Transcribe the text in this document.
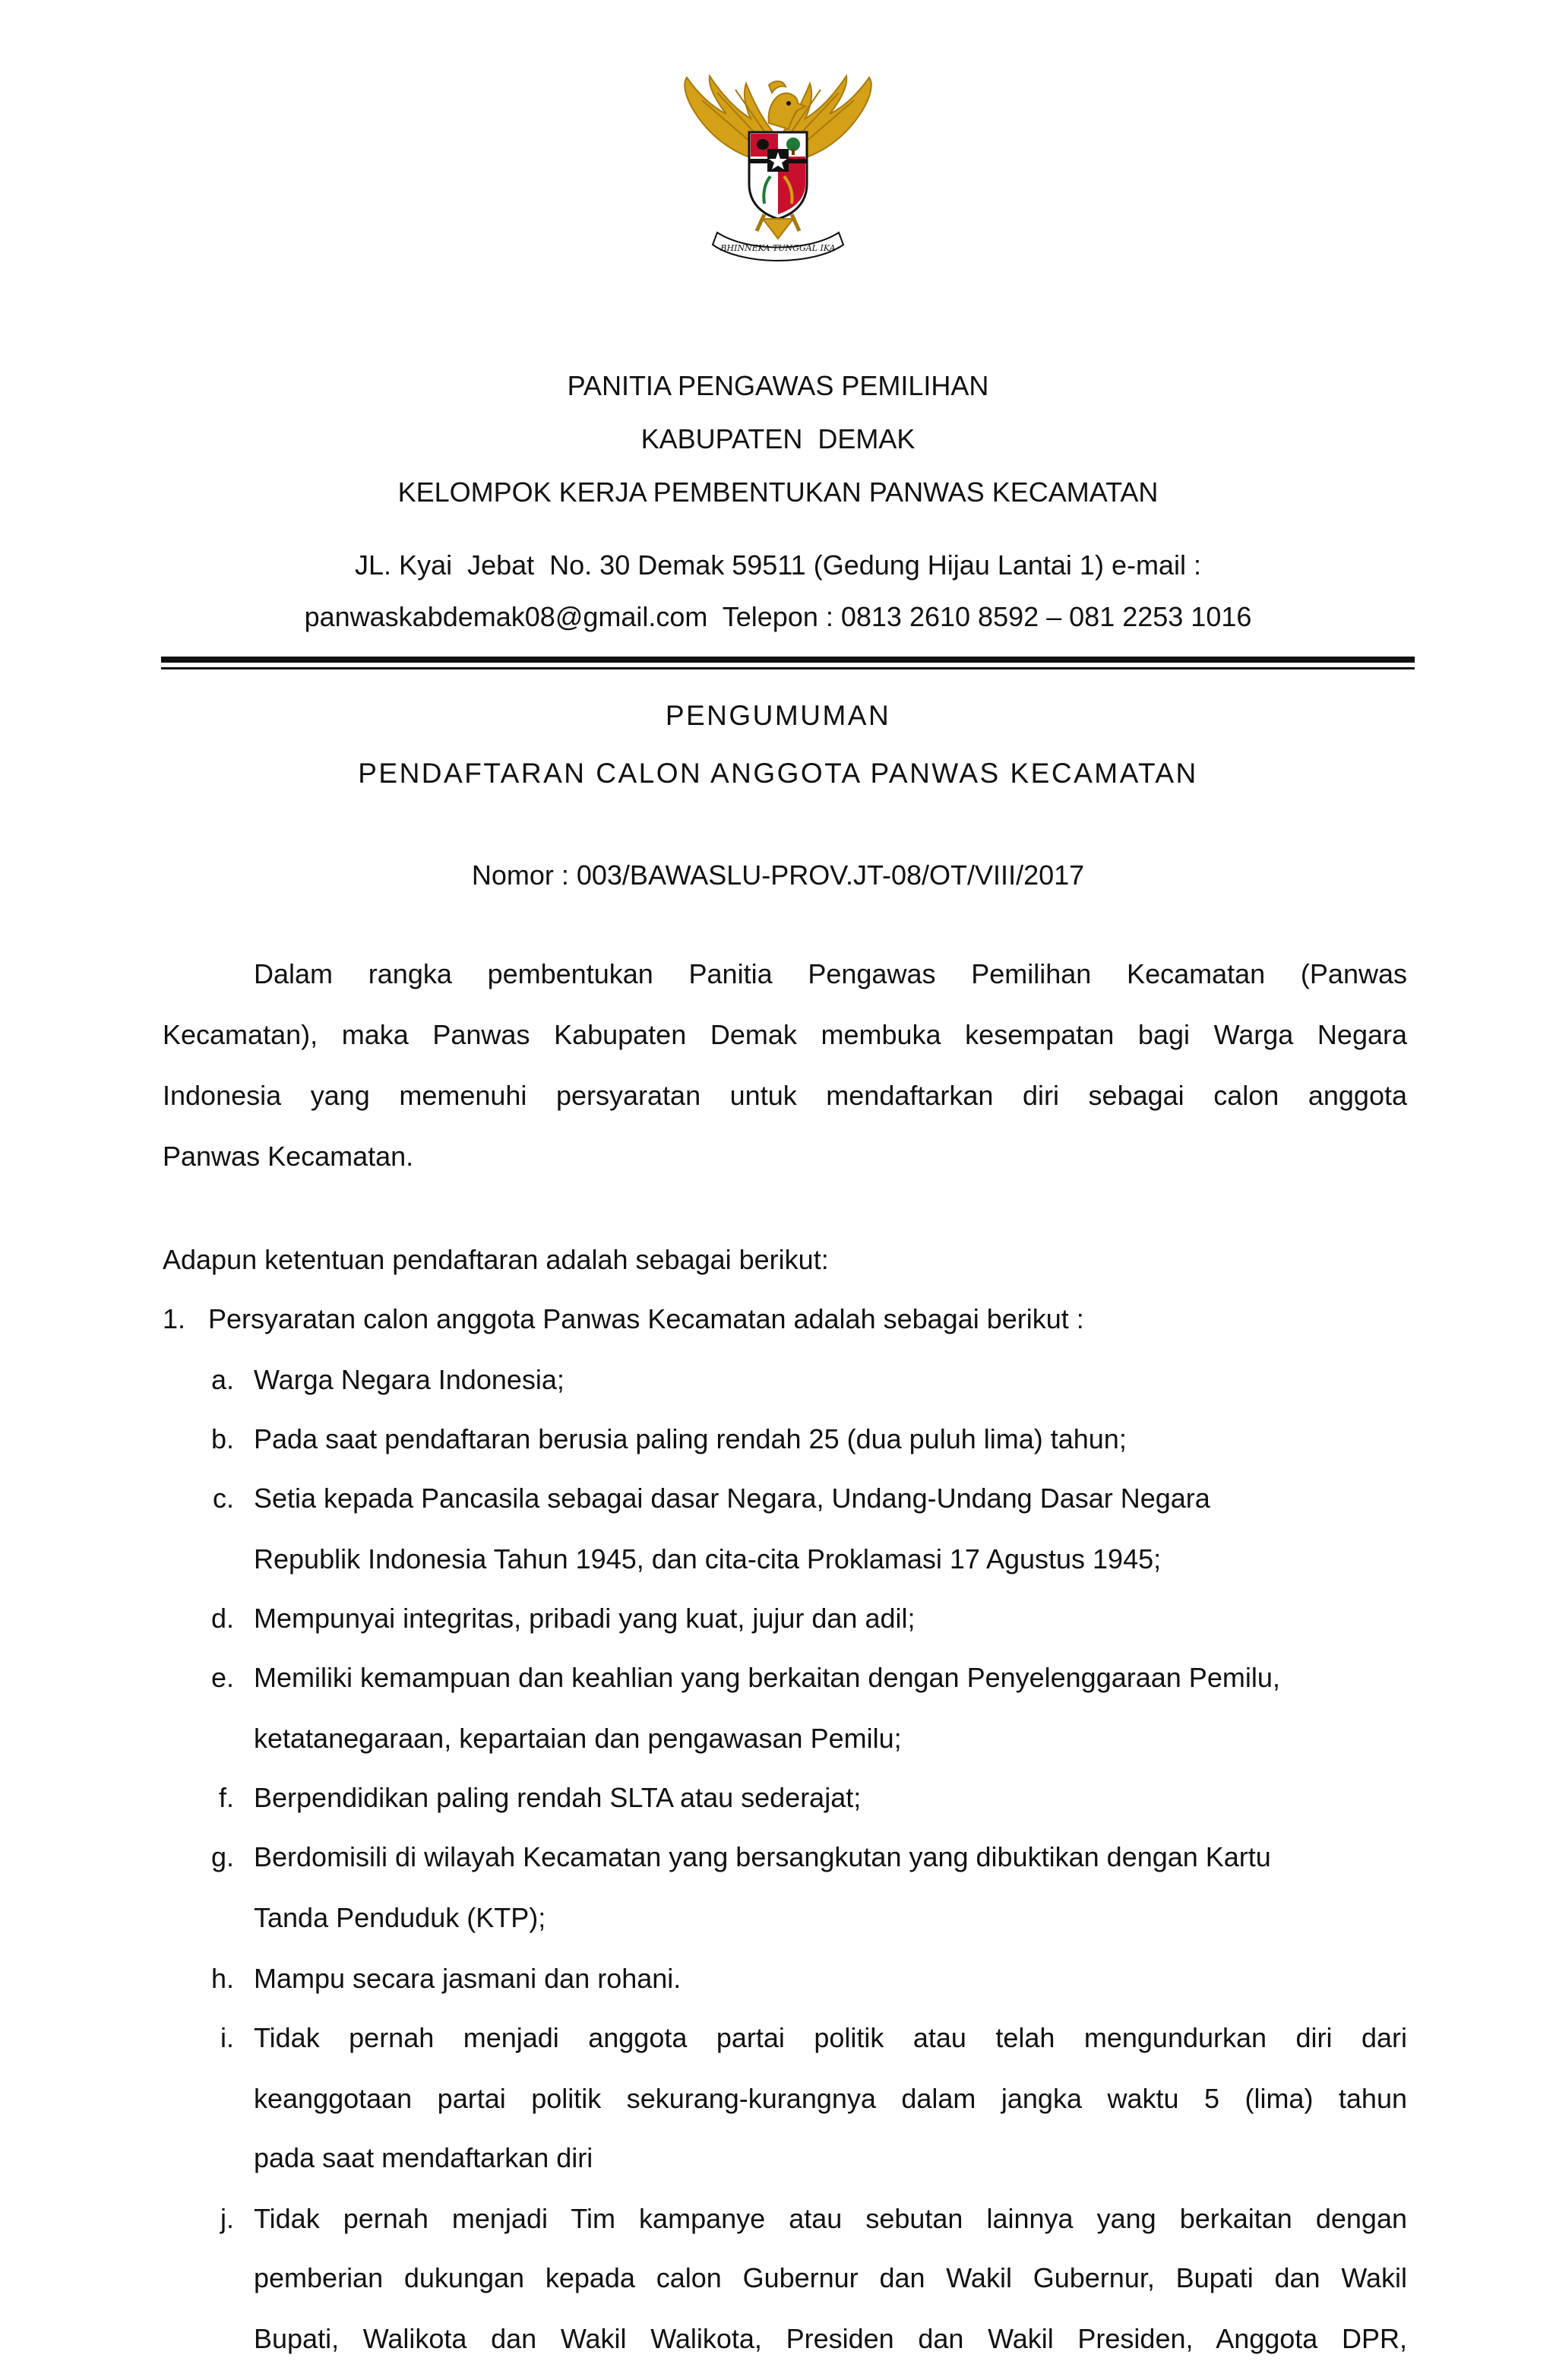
BHINNEKA TUNGGAL IKA
PANITIA PENGAWAS PEMILIHAN
KABUPATEN  DEMAK
KELOMPOK KERJA PEMBENTUKAN PANWAS KECAMATAN
JL. Kyai  Jebat  No. 30 Demak 59511 (Gedung Hijau Lantai 1) e-mail :
panwaskabdemak08@gmail.com  Telepon : 0813 2610 8592 – 081 2253 1016
PENGUMUMAN
PENDAFTARAN CALON ANGGOTA PANWAS KECAMATAN
Nomor : 003/BAWASLU-PROV.JT-08/OT/VIII/2017
Dalam rangka pembentukan Panitia Pengawas Pemilihan Kecamatan (Panwas
Kecamatan), maka Panwas Kabupaten Demak membuka kesempatan bagi Warga Negara
Indonesia yang memenuhi persyaratan untuk mendaftarkan diri sebagai calon anggota
Panwas Kecamatan.
Adapun ketentuan pendaftaran adalah sebagai berikut:
1. Persyaratan calon anggota Panwas Kecamatan adalah sebagai berikut :
a. Warga Negara Indonesia;
b. Pada saat pendaftaran berusia paling rendah 25 (dua puluh lima) tahun;
c. Setia kepada Pancasila sebagai dasar Negara, Undang-Undang Dasar Negara
Republik Indonesia Tahun 1945, dan cita-cita Proklamasi 17 Agustus 1945;
d. Mempunyai integritas, pribadi yang kuat, jujur dan adil;
e. Memiliki kemampuan dan keahlian yang berkaitan dengan Penyelenggaraan Pemilu,
ketatanegaraan, kepartaian dan pengawasan Pemilu;
f. Berpendidikan paling rendah SLTA atau sederajat;
g. Berdomisili di wilayah Kecamatan yang bersangkutan yang dibuktikan dengan Kartu
Tanda Penduduk (KTP);
h. Mampu secara jasmani dan rohani.
i. Tidak pernah menjadi anggota partai politik atau telah mengundurkan diri dari
keanggotaan partai politik sekurang-kurangnya dalam jangka waktu 5 (lima) tahun
pada saat mendaftarkan diri
j. Tidak pernah menjadi Tim kampanye atau sebutan lainnya yang berkaitan dengan
pemberian dukungan kepada calon Gubernur dan Wakil Gubernur, Bupati dan Wakil
Bupati, Walikota dan Wakil Walikota, Presiden dan Wakil Presiden, Anggota DPR,
